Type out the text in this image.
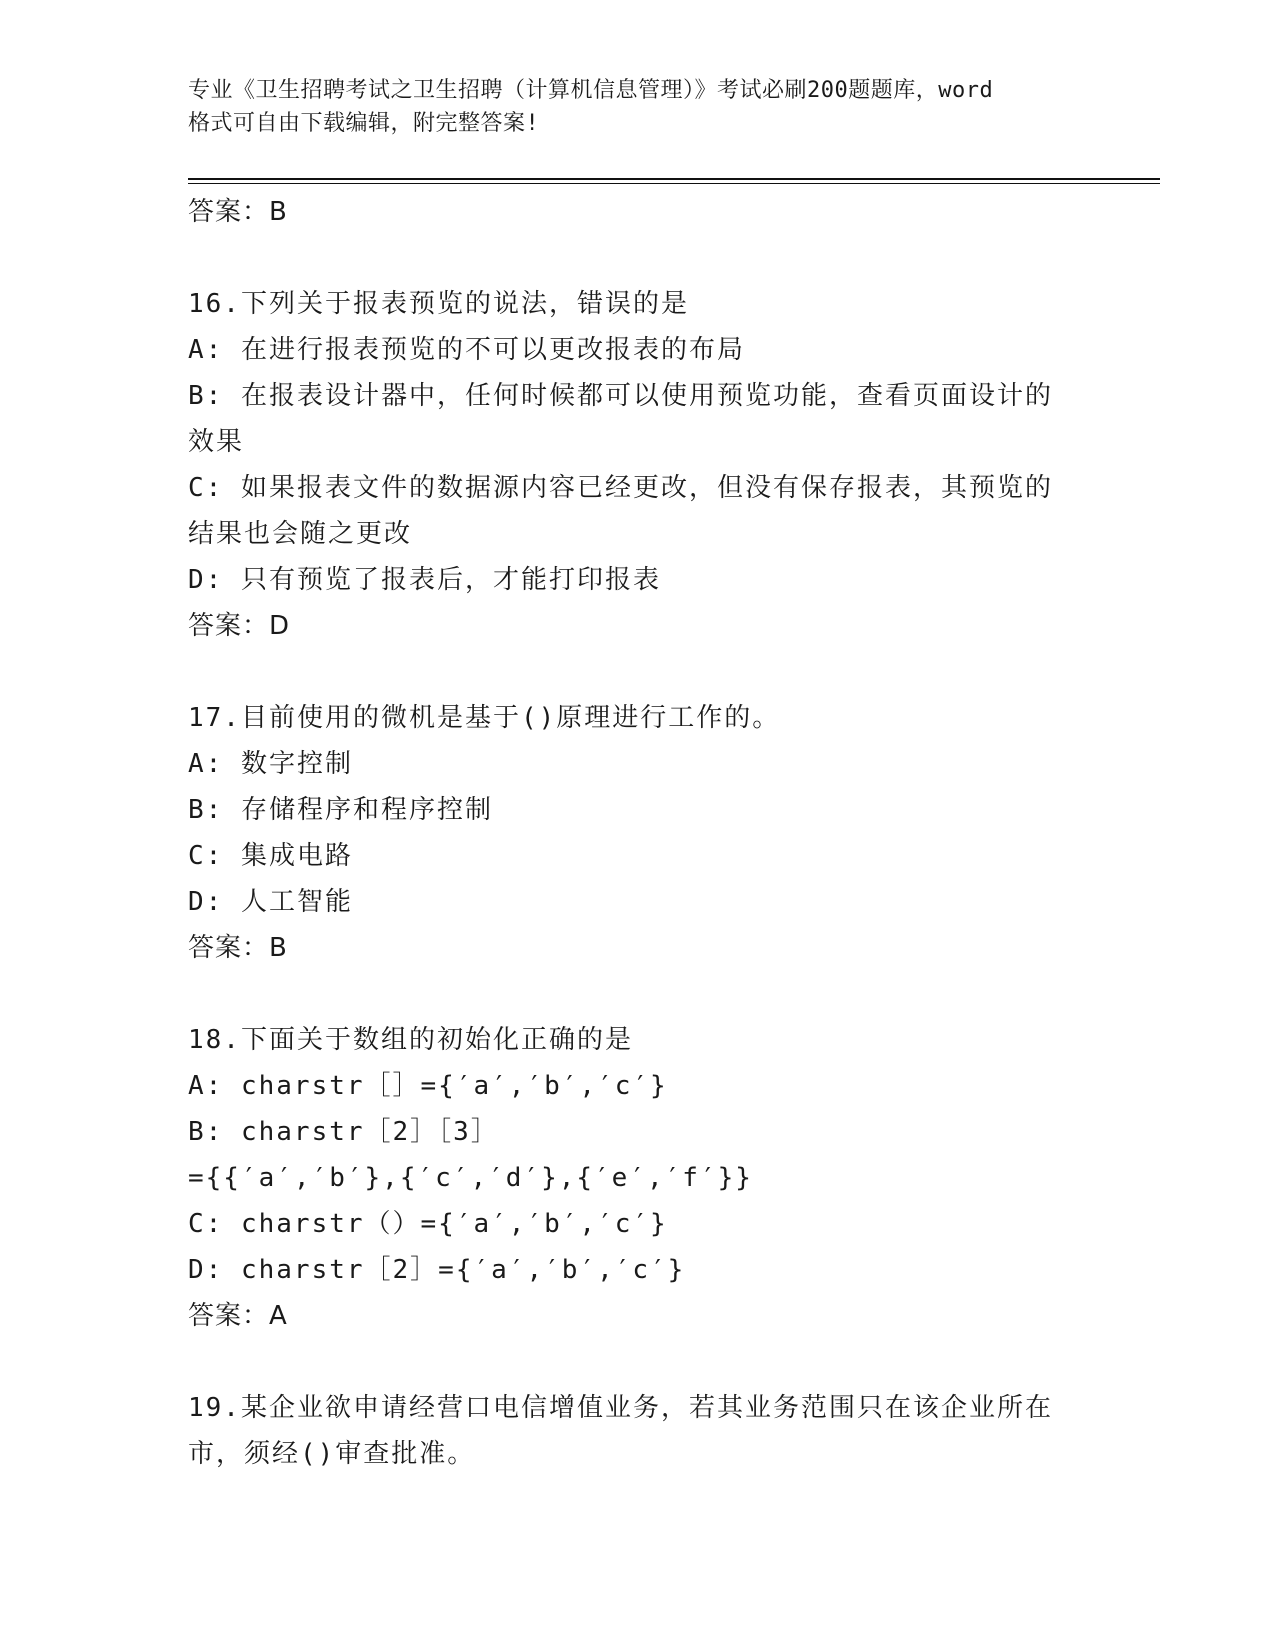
专业《卫生招聘考试之卫生招聘（计算机信息管理）》考试必刷200题题库，word
格式可自由下载编辑，附完整答案!
答案：B
16.下列关于报表预览的说法，错误的是
A: 在进行报表预览的不可以更改报表的布局
B: 在报表设计器中，任何时候都可以使用预览功能，查看页面设计的
效果
C: 如果报表文件的数据源内容已经更改，但没有保存报表，其预览的
结果也会随之更改
D: 只有预览了报表后，才能打印报表
答案：D
17.目前使用的微机是基于()原理进行工作的。
A: 数字控制
B: 存储程序和程序控制
C: 集成电路
D: 人工智能
答案：B
18.下面关于数组的初始化正确的是
A: charstr［］={′a′,′b′,′c′}
B: charstr［2］［3］
={{′a′,′b′},{′c′,′d′},{′e′,′f′}}
C: charstr（）={′a′,′b′,′c′}
D: charstr［2］={′a′,′b′,′c′}
答案：A
19.某企业欲申请经营口电信增值业务，若其业务范围只在该企业所在
市，须经()审查批准。
